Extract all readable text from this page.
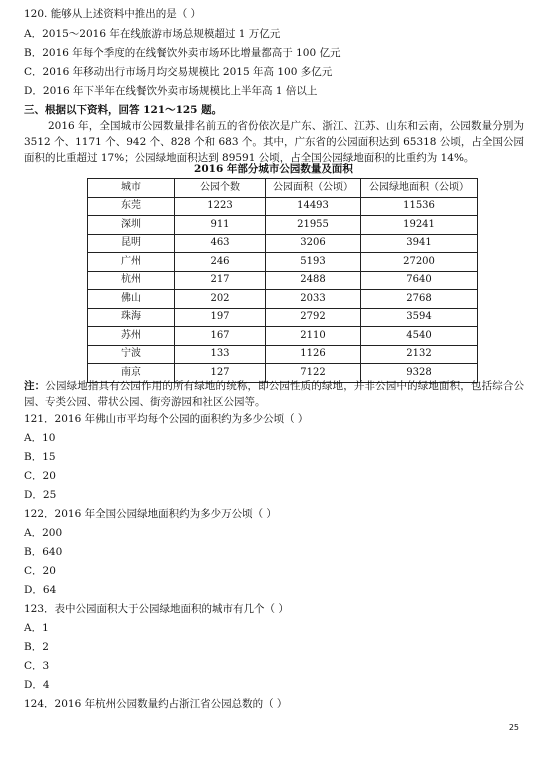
120. 能够从上述资料中推出的是（ ）
A．2015～2016 年在线旅游市场总规模超过 1 万亿元
B．2016 年每个季度的在线餐饮外卖市场环比增量都高于 100 亿元
C．2016 年移动出行市场月均交易规模比 2015 年高 100 多亿元
D．2016 年下半年在线餐饮外卖市场规模比上半年高 1 倍以上
三、根据以下资料，回答 121～125 题。
2016 年，全国城市公园数量排名前五的省份依次是广东、浙江、江苏、山东和云南，公园数量分别为 3512 个、1171 个、942 个、828 个和 683 个。其中，广东省的公园面积达到 65318 公顷，占全国公园面积的比重超过 17%；公园绿地面积达到 89591 公顷，占全国公园绿地面积的比重约为 14%。
2016 年部分城市公园数量及面积
城市	公园个数	公园面积（公顷）	公园绿地面积（公顷）
东莞	1223	14493	11536
深圳	911	21955	19241
昆明	463	3206	3941
广州	246	5193	27200
杭州	217	2488	7640
佛山	202	2033	2768
珠海	197	2792	3594
苏州	167	2110	4540
宁波	133	1126	2132
南京	127	7122	9328
注：公园绿地指具有公园作用的所有绿地的统称，即公园性质的绿地，并非公园中的绿地面积，包括综合公园、专类公园、带状公园、街旁游园和社区公园等。
121．2016 年佛山市平均每个公园的面积约为多少公顷（ ）
A．10
B．15
C．20
D．25
122．2016 年全国公园绿地面积约为多少万公顷（ ）
A．200
B．640
C．20
D．64
123．表中公园面积大于公园绿地面积的城市有几个（ ）
A．1
B．2
C．3
D．4
124．2016 年杭州公园数量约占浙江省公园总数的（ ）
25
